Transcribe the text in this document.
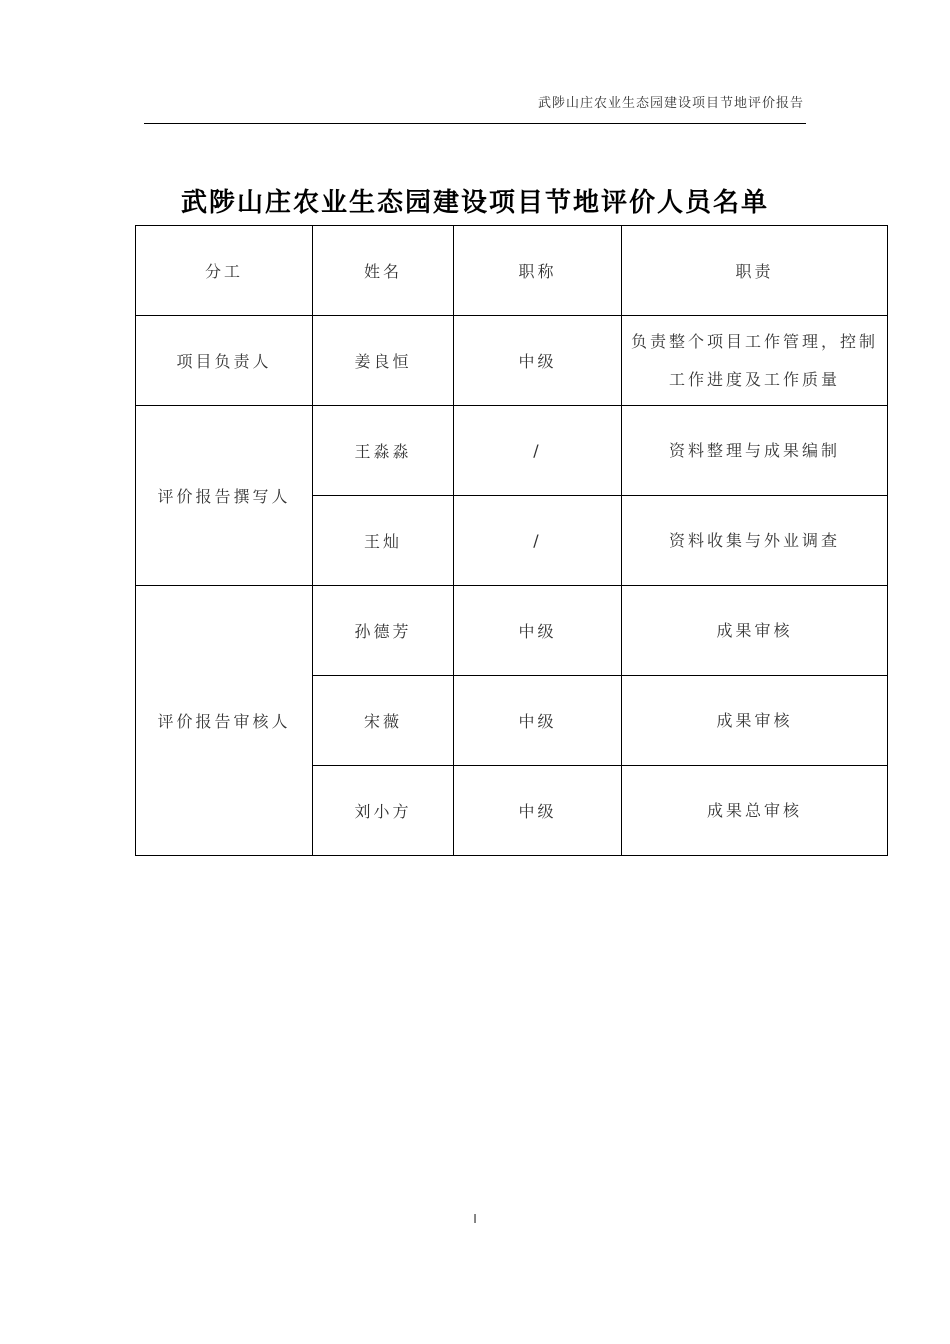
武陟山庄农业生态园建设项目节地评价报告
武陟山庄农业生态园建设项目节地评价人员名单
分工	姓名	职称	职责
项目负责人	姜良恒	中级	负责整个项目工作管理，控制工作进度及工作质量
评价报告撰写人	王淼淼	/	资料整理与成果编制
	王灿	/	资料收集与外业调查
评价报告审核人	孙德芳	中级	成果审核
	宋薇	中级	成果审核
	刘小方	中级	成果总审核
I
